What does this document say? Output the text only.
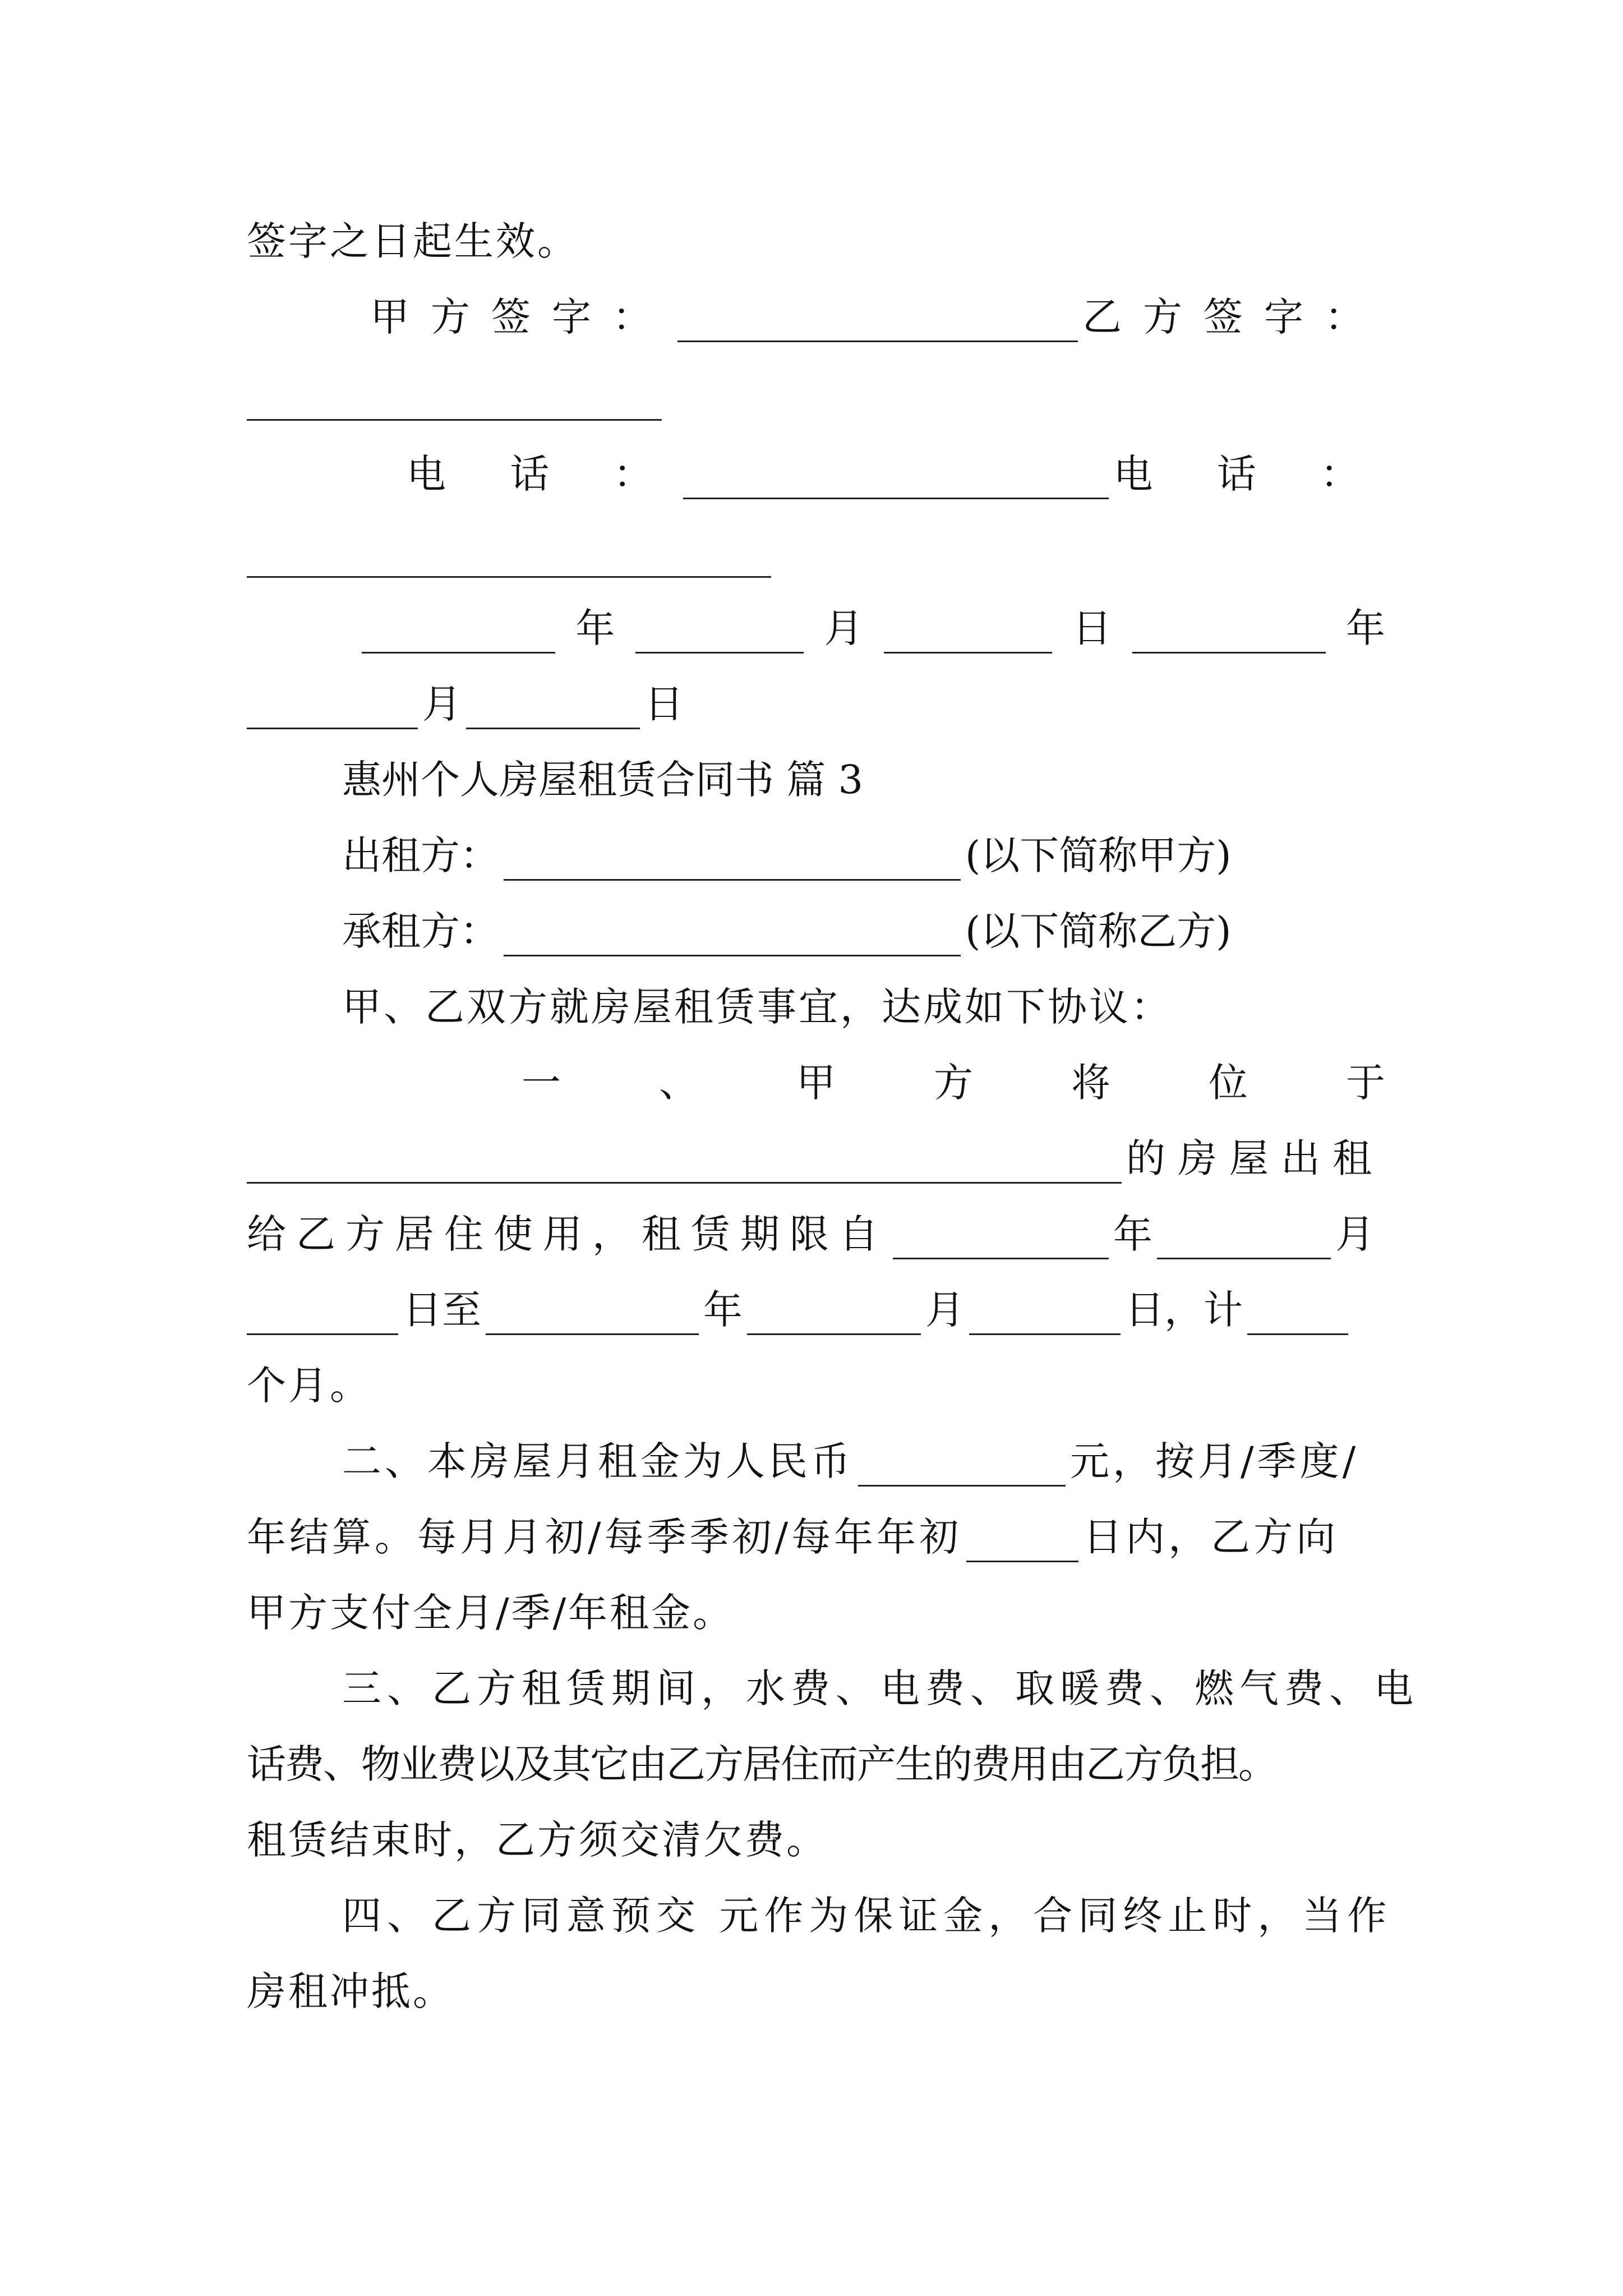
签字之日起生效。
甲方签字：	乙方签字：
电 话 ：	电 话 ：
年	月	日	年
月	日
惠州个人房屋租赁合同书 篇 3
出租方：	(以下简称甲方)
承租方：	(以下简称乙方)
甲、乙双方就房屋租赁事宜，达成如下协议：
一	、	甲	方	将	位	于
的房屋出租
给乙方居住使用，租赁期限自	年	月
日至	年	月	日，计
个月。
二、本房屋月租金为人民币	元，按月/季度/
年结算。每月月初/每季季初/每年年初	日内，乙方向
甲方支付全月/季/年租金。
三、乙方租赁期间，水费、电费、取暖费、燃气费、电
话费、物业费以及其它由乙方居住而产生的费用由乙方负担。
租赁结束时，乙方须交清欠费。
四、乙方同意预交 元作为保证金，合同终止时，当作
房租冲抵。
